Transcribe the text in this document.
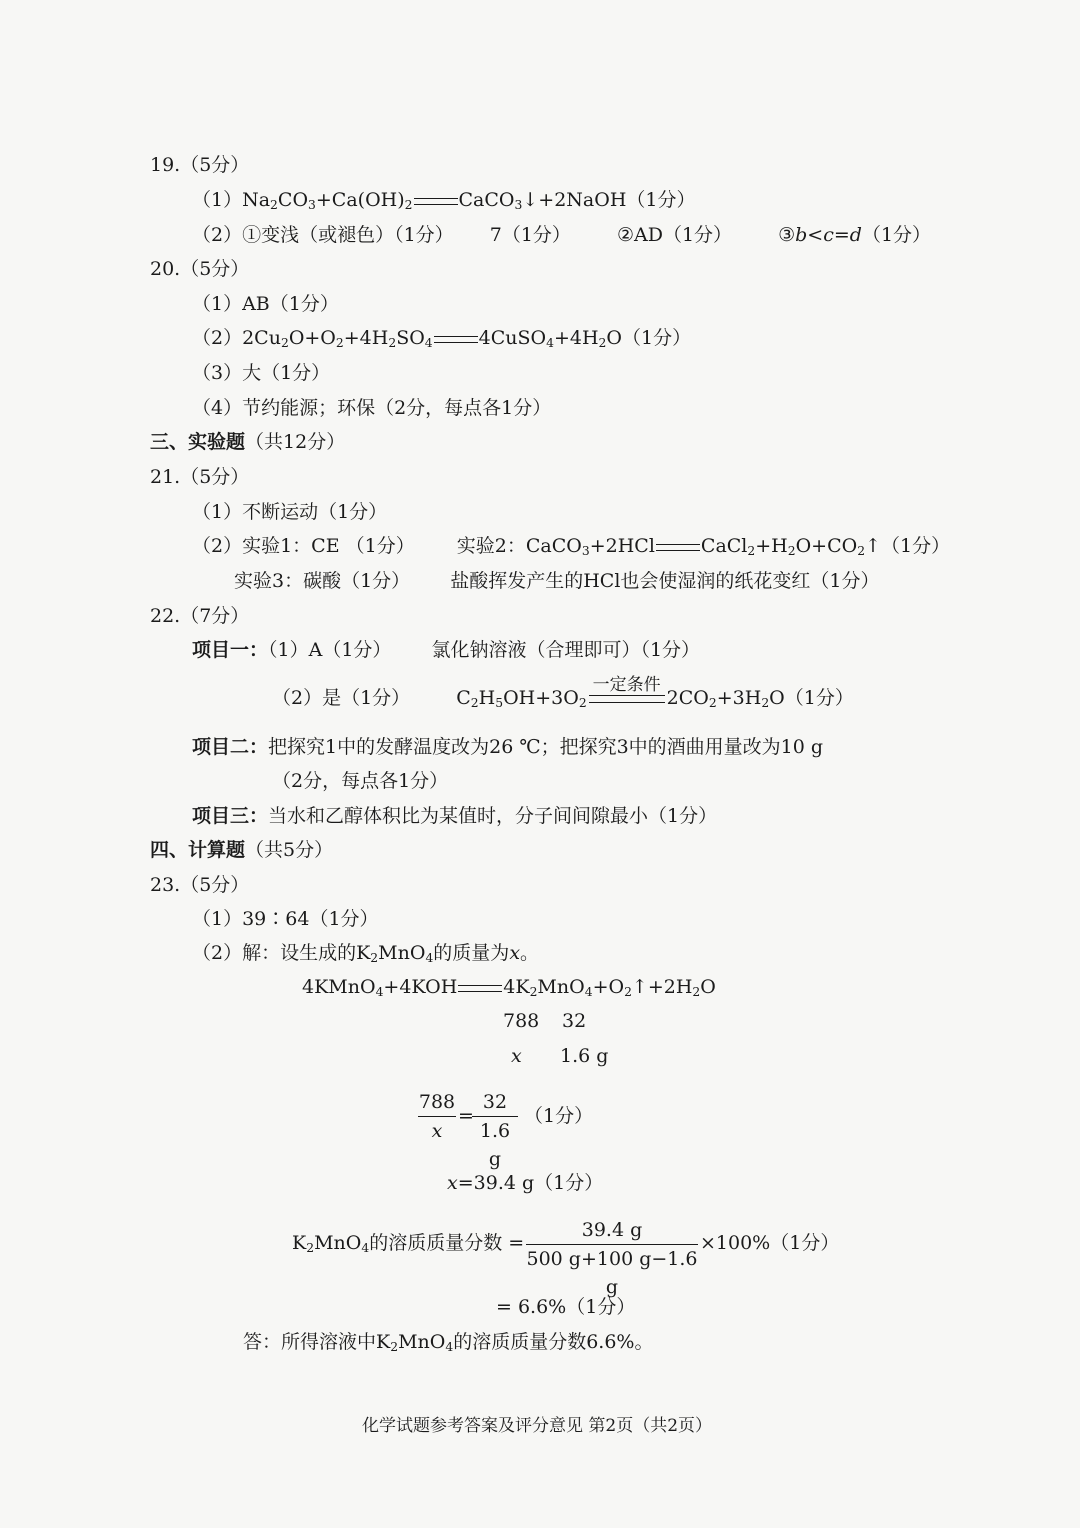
19.（5分）
$(1)Na_2CO_3+Ca(OH)_2$ CaCO$_3$↓+2NaOH（1分）
（2）①变浅（或褪色）（1分） 7（1分） ②AD（1分） ③b<c=d（1分）
20.（5分）
（1）AB（1分）
$(2)2Cu_2O+O_2+4H_2SO_4$ $4CuSO_4+4H_2O(1$分）
（3）大（1分）
（4）节约能源；环保（2分，每点各1分）
三、实验题（共12分）
21.（5分）
（1）不断运动（1分）
（2）实验1：CE （1分） 实验2：CaCO$_3$+2HCl $CaCl_2+H_2O+CO_2↑(1$分）
实验3：碳酸（1分） 盐酸挥发产生的HCl也会使湿润的纸花变红（1分）
22.（7分）
项目一：（1）A（1分） 氯化钠溶液（合理即可）（1分）
（2）是（1分） $C_2H_5OH+3O_2$
一定条件
$2CO_2+3H_2O(1$分）
项目二：把探究1中的发酵温度改为26 ℃；把探究3中的酒曲用量改为10 g
（2分，每点各1分）
项目三：当水和乙醇体积比为某值时，分子间间隙最小（1分）
四、计算题（共5分）
23.（5分）
（1）39∶64（1分）
（2）解：设生成的$K_2MnO_4$的质量为x。
4KMnO$_4$+4KOH $4K_2MnO_4+O_2↑+2H_2O$
788 32
x 1.6 g
788
x
=
32
1.6 g
（1分）
x=39.4 g（1分）
$K_2MnO_4$的溶质质量分数 =
39.4 g
500 g+100 g−1.6 g
×100%（1分）
= 6.6%（1分）
答：所得溶液中$K_2MnO_4$的溶质质量分数6.6%。
化学试题参考答案及评分意见 第2页（共2页）
